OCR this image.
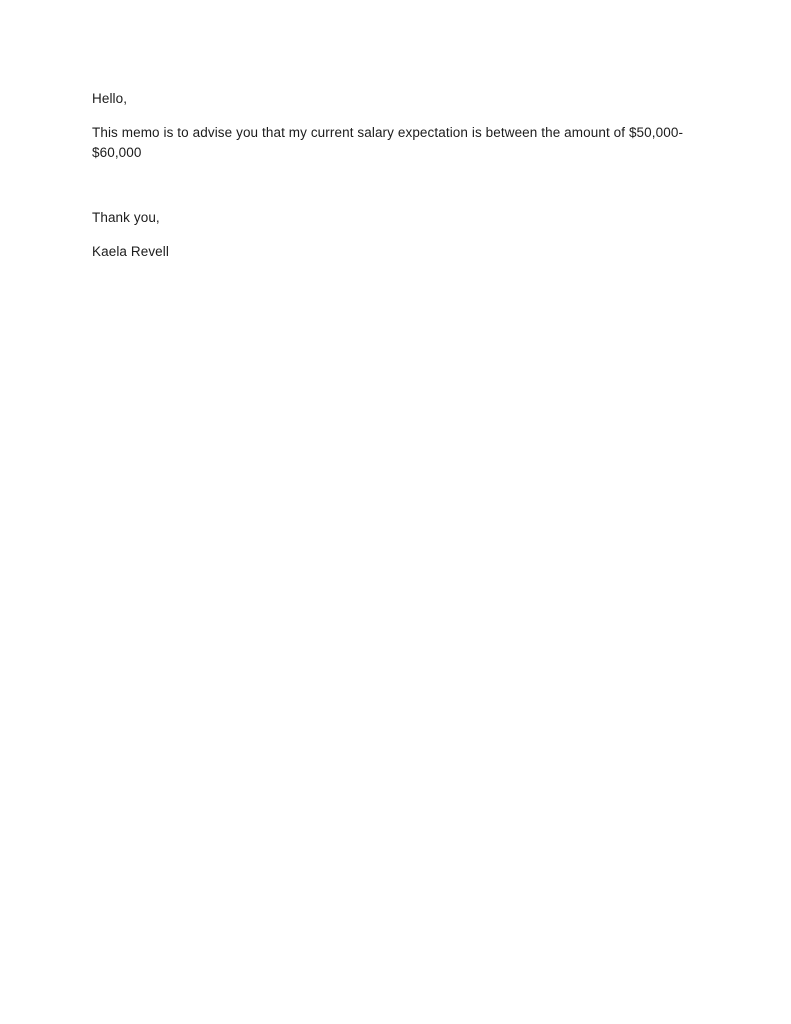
Hello,

This memo is to advise you that my current salary expectation is between the amount of $50,000-
$60,000

Thank you,

Kaela Revell
